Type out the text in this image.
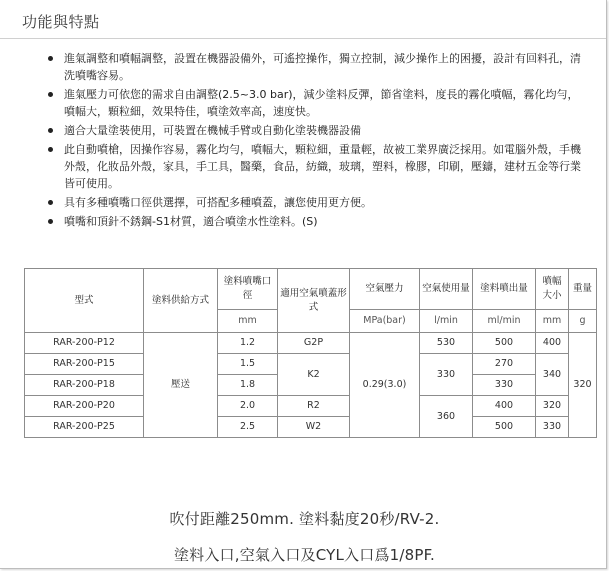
功能與特點
進氣調整和噴幅調整，設置在機器設備外，可遙控操作，獨立控制，減少操作上的困擾，設計有回料孔，清洗噴嘴容易。
進氣壓力可依您的需求自由調整(2.5~3.0 bar)，減少塗料反彈，節省塗料，度長的霧化噴幅，霧化均勻，噴幅大，顆粒細，效果特佳，噴塗效率高，速度快。
適合大量塗裝使用，可裝置在機械手臂或自動化塗裝機器設備
此自動噴槍，因操作容易，霧化均勻，噴幅大，顆粒細，重量輕，故被工業界廣泛採用。如電腦外殼，手機外殼，化妝品外殼，家具，手工具，醫藥，食品，紡織，玻璃，塑料，橡膠，印刷，壓鑄，建材五金等行業皆可使用。
具有多種噴嘴口徑供選擇，可搭配多種噴蓋，讓您使用更方便。
噴嘴和頂針不銹鋼-S1材質，適合噴塗水性塗料。(S)
型式	塗料供給方式	塗料噴嘴口徑	適用空氣噴蓋形式	空氣壓力	空氣使用量	塗料噴出量	噴幅大小	重量
		mm		MPa(bar)	l/min	ml/min	mm	g
RAR-200-P12	壓送	1.2	G2P	0.29(3.0)	530	500	400	320
RAR-200-P15		1.5	K2		330	270	340	
RAR-200-P18		1.8				330		
RAR-200-P20		2.0	R2		360	400	320	
RAR-200-P25		2.5	W2			500	330	
吹付距離250mm. 塗料黏度20秒/RV-2.
塗料入口,空氣入口及CYL入口爲1/8PF.
